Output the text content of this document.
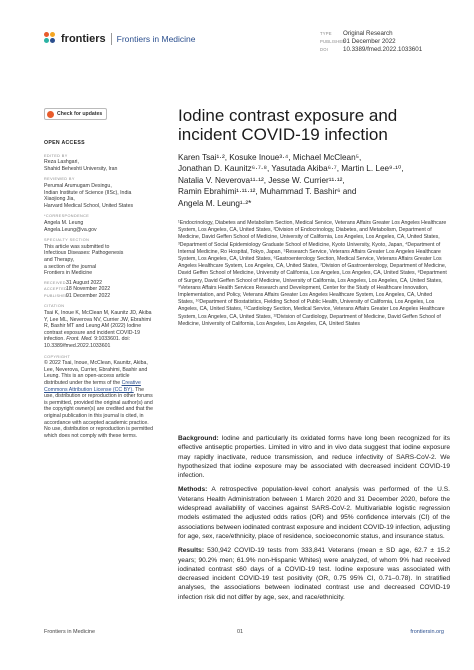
frontiers Frontiers in Medicine
TYPE Original Research
PUBLISHED01 December 2022
DOI 10.3389/fmed.2022.1033601
Check for updates
OPEN ACCESS
EDITED BY
Reza Lashgari,
Shahid Beheshti University, Iran
REVIEWED BY
Perumal Arumugam Desingu,
Indian Institute of Science (IISc), India
Xiaojiong Jia,
Harvard Medical School, United States
*CORRESPONDENCE
Angela M. Leung
Angela.Leung@va.gov
SPECIALTY SECTION
This article was submitted to
Infectious Diseases: Pathogenesis
and Therapy,
a section of the journal
Frontiers in Medicine
RECEIVED 31 August 2022
ACCEPTED
18 November 2022
PUBLISHED
01 December 2022
CITATION
Tsai K, Inoue K, McClean M, Kaunitz JD, Akiba Y, Lee ML, Neverova NV, Currier JW, Ebrahimi R, Bashir MT and Leung AM (2022) Iodine contrast exposure and incident COVID-19 infection. Front. Med. 9:1033601. doi: 10.3389/fmed.2022.1033601
COPYRIGHT
© 2022 Tsai, Inoue, McClean, Kaunitz, Akiba, Lee, Neverova, Currier, Ebrahimi, Bashir and Leung. This is an open-access article distributed under the terms of the Creative Commons Attribution License (CC BY). The use, distribution or reproduction in other forums is permitted, provided the original author(s) and the copyright owner(s) are credited and that the original publication in this journal is cited, in accordance with accepted academic practice. No use, distribution or reproduction is permitted which does not comply with these terms.
Iodine contrast exposure and incident COVID-19 infection
Karen Tsai¹·², Kosuke Inoue³·⁴, Michael McClean⁵,
Jonathan D. Kaunitz⁶·⁷·⁸, Yasutada Akiba⁶·⁷, Martin L. Lee⁹·¹⁰,
Natalia V. Neverova¹¹·¹², Jesse W. Currier¹¹·¹²,
Ramin Ebrahimi¹·¹¹·¹², Muhammad T. Bashir⁶ and
Angela M. Leung¹·²*
¹Endocrinology, Diabetes and Metabolism Section, Medical Service, Veterans Affairs Greater Los Angeles Healthcare System, Los Angeles, CA, United States, ²Division of Endocrinology, Diabetes, and Metabolism, Department of Medicine, David Geffen School of Medicine, University of California, Los Angeles, Los Angeles, CA, United States, ³Department of Social Epidemiology Graduate School of Medicine, Kyoto University, Kyoto, Japan, ⁴Department of Internal Medicine, Ro Hospital, Tokyo, Japan, ⁵Research Service, Veterans Affairs Greater Los Angeles Healthcare System, Los Angeles, CA, United States, ⁶Gastroenterology Section, Medical Service, Veterans Affairs Greater Los Angeles Healthcare System, Los Angeles, CA, United States, ⁷Division of Gastroenterology, Department of Medicine, David Geffen School of Medicine, University of California, Los Angeles, Los Angeles, CA, United States, ⁸Department of Surgery, David Geffen School of Medicine, University of California, Los Angeles, Los Angeles, CA, United States, ⁹Veterans Affairs Health Services Research and Development, Center for the Study of Healthcare Innovation, Implementation, and Policy, Veterans Affairs Greater Los Angeles Healthcare System, Los Angeles, CA, United States, ¹⁰Department of Biostatistics, Fielding School of Public Health, University of California, Los Angeles, Los Angeles, CA, United States, ¹¹Cardiology Section, Medical Service, Veterans Affairs Greater Los Angeles Healthcare System, Los Angeles, CA, United States, ¹²Division of Cardiology, Department of Medicine, David Geffen School of Medicine, University of California, Los Angeles, Los Angeles, CA, United States

Background: Iodine and particularly its oxidated forms have long been recognized for its effective antiseptic properties. Limited in vitro and in vivo data suggest that iodine exposure may rapidly inactivate, reduce transmission, and reduce infectivity of SARS-CoV-2. We hypothesized that iodine exposure may be associated with decreased incident COVID-19 infection.

Methods: A retrospective population-level cohort analysis was performed of the U.S. Veterans Health Administration between 1 March 2020 and 31 December 2020, before the widespread availability of vaccines against SARS-CoV-2. Multivariable logistic regression models estimated the adjusted odds ratios (OR) and 95% confidence intervals (CI) of the associations between iodinated contrast exposure and incident COVID-19 infection, adjusting for age, sex, race/ethnicity, place of residence, socioeconomic status, and insurance status.

Results: 530,942 COVID-19 tests from 333,841 Veterans (mean ± SD age, 62.7 ± 15.2 years; 90.2% men; 61.9% non-Hispanic Whites) were analyzed, of whom 9% had received iodinated contrast ≤60 days of a COVID-19 test. Iodine exposure was associated with decreased incident COVID-19 test positivity (OR, 0.75 95% CI, 0.71–0.78). In stratified analyses, the associations between iodinated contrast use and decreased COVID-19 infection risk did not differ by age, sex, and race/ethnicity.

Frontiers in Medicine	01	frontiersin.org
